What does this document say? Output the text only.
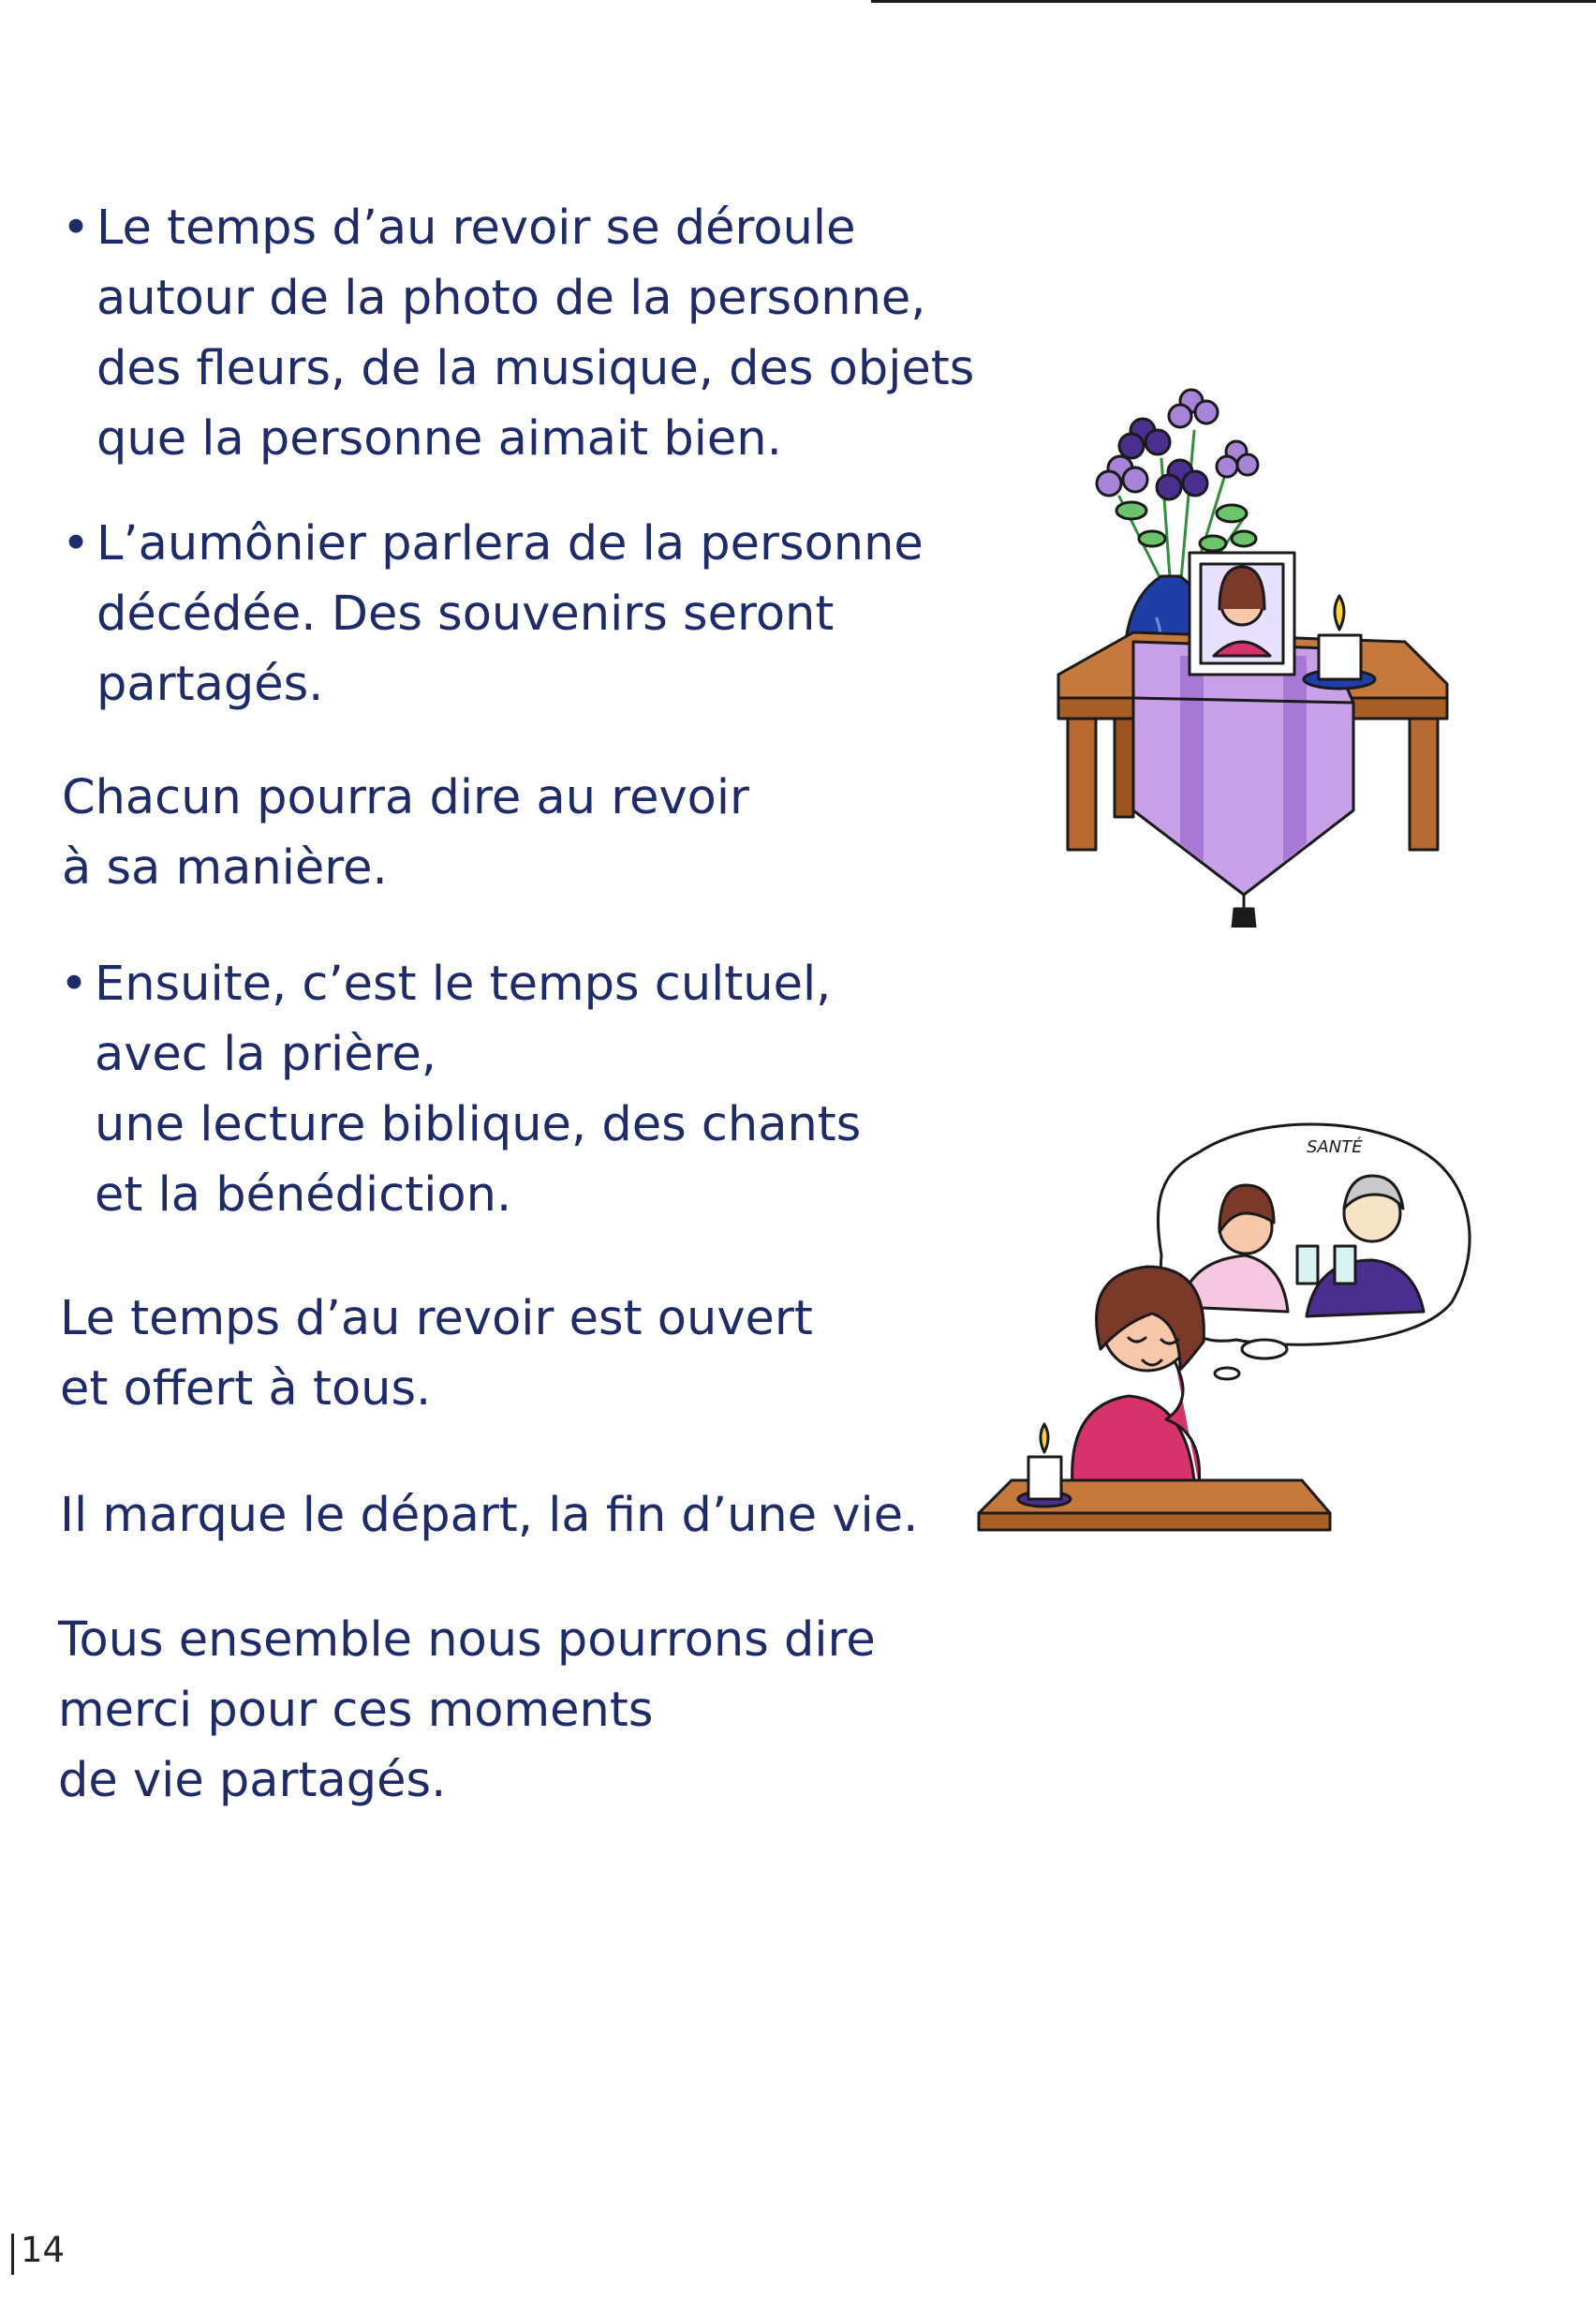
• Le temps d’au revoir se déroule
autour de la photo de la personne,
des fleurs, de la musique, des objets
que la personne aimait bien.

• L’aumônier parlera de la personne
décédée. Des souvenirs seront
partagés.

Chacun pourra dire au revoir
à sa manière.

• Ensuite, c’est le temps cultuel,
avec la prière,
une lecture biblique, des chants
et la bénédiction.

Le temps d’au revoir est ouvert
et offert à tous.

Il marque le départ, la fin d’une vie.

Tous ensemble nous pourrons dire
merci pour ces moments
de vie partagés.

SANTÉ
14
